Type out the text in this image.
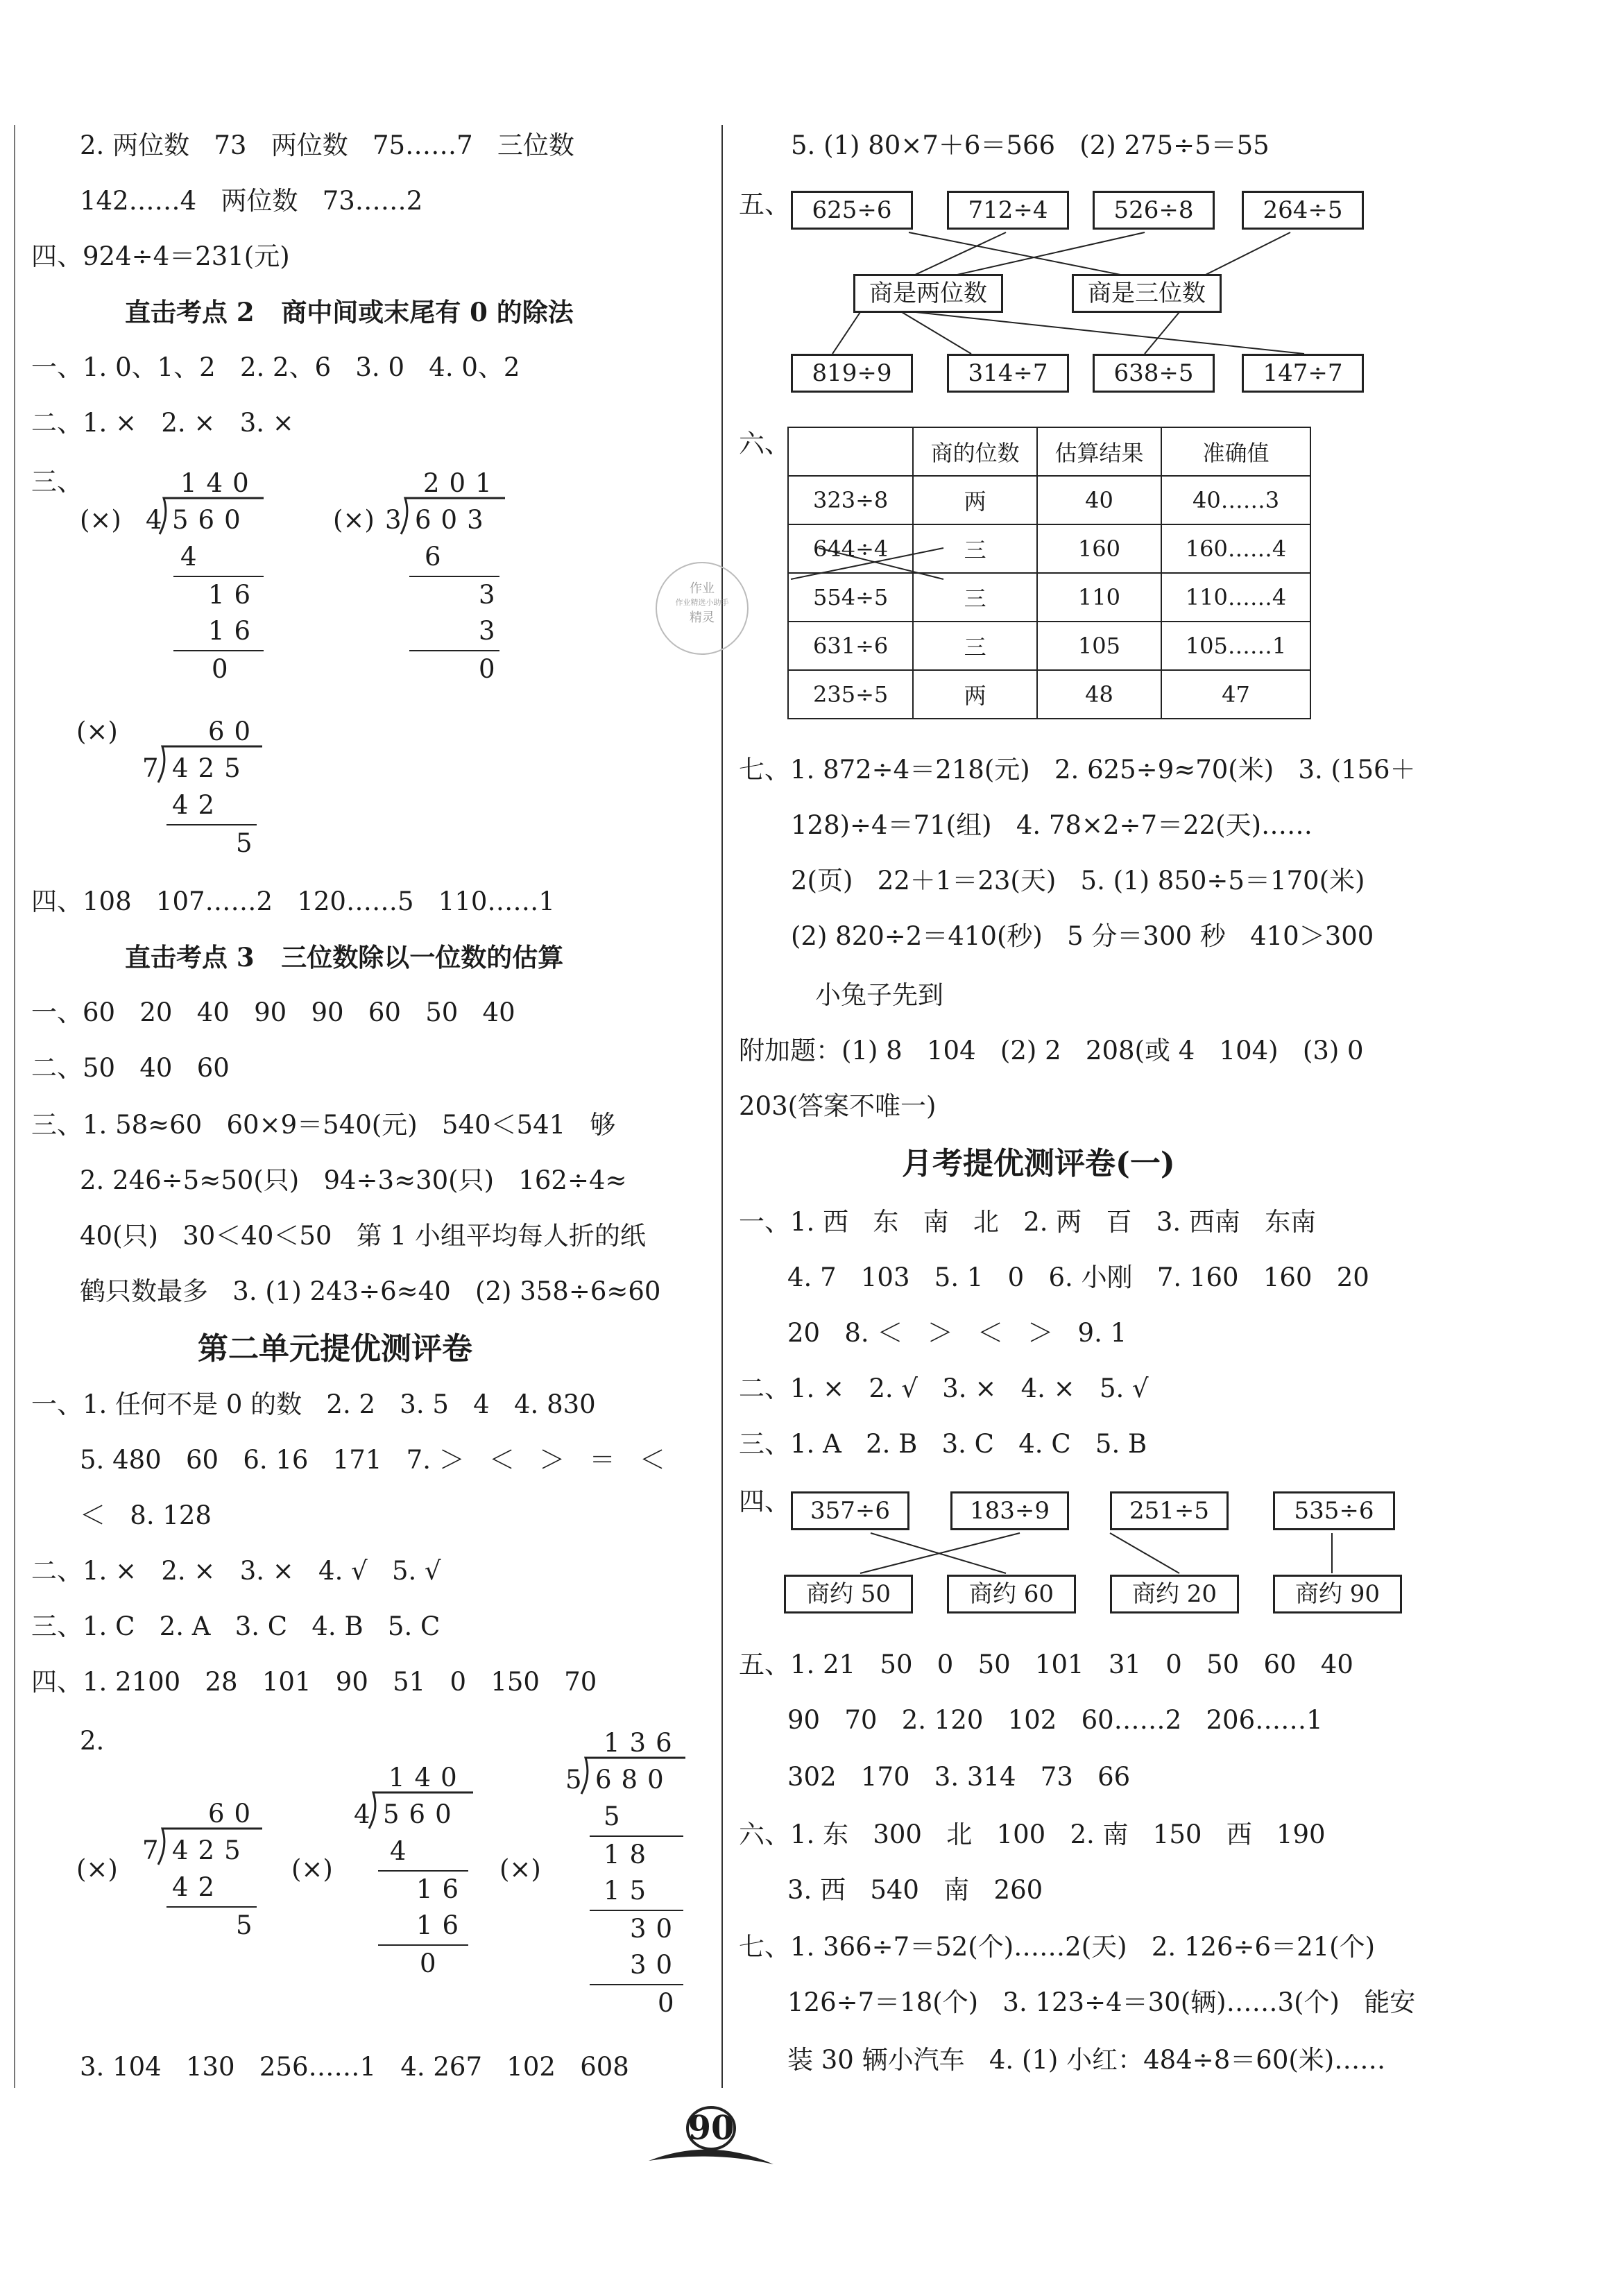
2. 两位数   73   两位数   75……7   三位数
142……4   两位数   73……2
四、924÷4＝231(元)
直击考点 2   商中间或末尾有 0 的除法
一、1. 0、1、2   2. 2、6   3. 0   4. 0、2
二、1. ×   2. ×   3. ×
三、
(×)
140
4 560
4
16
16
0
(×)
201
3 603
6
3
3
0
(×)	60
7 425
42
5
四、108   107……2   120……5   110……1
直击考点 3   三位数除以一位数的估算
一、60   20   40   90   90   60   50   40
二、50   40   60
三、1. 58≈60   60×9＝540(元)   540＜541   够
2. 246÷5≈50(只)   94÷3≈30(只)   162÷4≈
40(只)   30＜40＜50   第 1 小组平均每人折的纸
鹤只数最多   3. (1) 243÷6≈40   (2) 358÷6≈60
第二单元提优测评卷
一、1. 任何不是 0 的数   2. 2   3. 5   4   4. 830
5. 480   60   6. 16   171   7. ＞   ＜   ＞   ＝   ＜
＜   8. 128
二、1. ×   2. ×   3. ×   4. √   5. √
三、1. C   2. A   3. C   4. B   5. C
四、1. 2100   28   101   90   51   0   150   70
2.
(×)
60
7 425
42
5
(×)
140
4 560
4
16
16
0
(×)
136
5 680
5
18
15
30
30
0
3. 104   130   256……1   4. 267   102   608
作业
作业精选小助手
精灵
5. (1) 80×7＋6＝566   (2) 275÷5＝55
五、 625÷6	712÷4	526÷8	264÷5
商是两位数	商是三位数
819÷9	314÷7	638÷5	147÷7
六、
		商的位数	估算结果	准确值
323÷8	两	40	40……3
644÷4	三	160	160……4
554÷5	三	110	110……4
631÷6	三	105	105……1
235÷5	两	48	47
七、1. 872÷4＝218(元)   2. 625÷9≈70(米)   3. (156＋
128)÷4＝71(组)   4. 78×2÷7＝22(天)……
2(页)   22＋1＝23(天)   5. (1) 850÷5＝170(米)
(2) 820÷2＝410(秒)   5 分＝300 秒   410＞300
小兔子先到
附加题：(1) 8   104   (2) 2   208(或 4   104)   (3) 0
203(答案不唯一)
月考提优测评卷(一)
一、1. 西   东   南   北   2. 两   百   3. 西南   东南
4. 7   103   5. 1   0   6. 小刚   7. 160   160   20
20   8. ＜   ＞   ＜   ＞   9. 1
二、1. ×   2. √   3. ×   4. ×   5. √
三、1. A   2. B   3. C   4. C   5. B
四、 357÷6	183÷9	251÷5	535÷6
商约 50	商约 60	商约 20	商约 90
五、1. 21   50   0   50   101   31   0   50   60   40
90   70   2. 120   102   60……2   206……1
302   170   3. 314   73   66
六、1. 东   300   北   100   2. 南   150   西   190
3. 西   540   南   260
七、1. 366÷7＝52(个)……2(天)   2. 126÷6＝21(个)
126÷7＝18(个)   3. 123÷4＝30(辆)……3(个)   能安
装 30 辆小汽车   4. (1) 小红：484÷8＝60(米)……
90
